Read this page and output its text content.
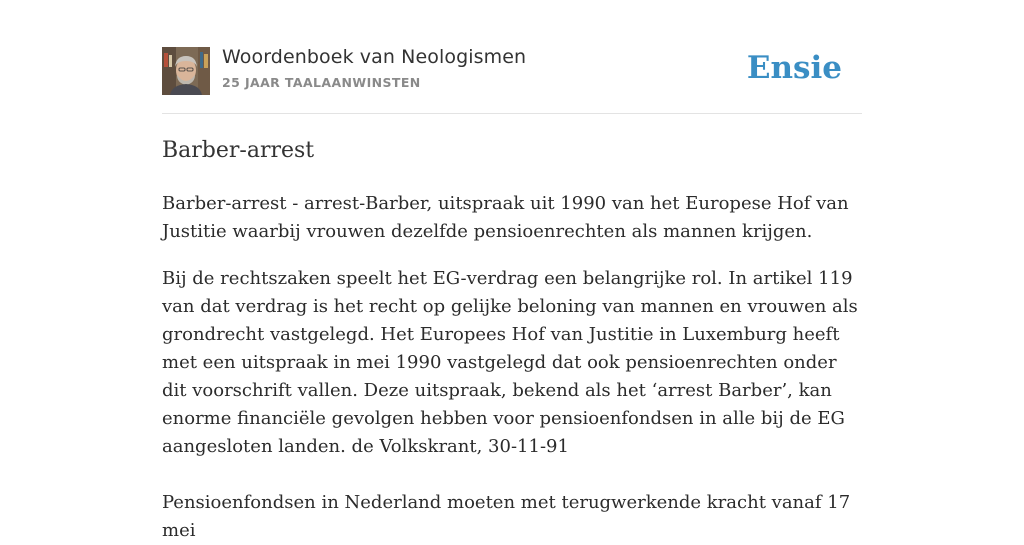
Woordenboek van Neologismen
25 JAAR TAALAANWINSTEN	Ensie
Barber-arrest

Barber-arrest - arrest-Barber, uitspraak uit 1990 van het Europese Hof van Justitie waarbij vrouwen dezelfde pensioenrechten als mannen krijgen.

Bij de rechtszaken speelt het EG-verdrag een belangrijke rol. In artikel 119 van dat verdrag is het recht op gelijke beloning van mannen en vrouwen als grondrecht vastgelegd. Het Europees Hof van Justitie in Luxemburg heeft met een uitspraak in mei 1990 vastgelegd dat ook pensioenrechten onder dit voorschrift vallen. Deze uitspraak, bekend als het ‘arrest Barber’, kan enorme financiële gevolgen hebben voor pensioenfondsen in alle bij de EG aangesloten landen. de Volkskrant, 30-11-91

Pensioenfondsen in Nederland moeten met terugwerkende kracht vanaf 17 mei
